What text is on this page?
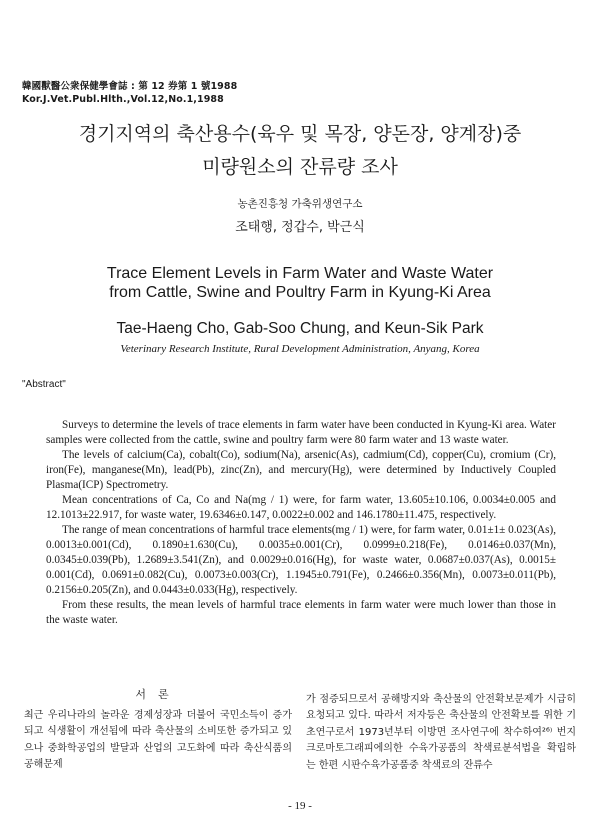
韓國獸醫公衆保健學會誌 : 第 12 券第 1 號1988
Kor.J.Vet.Publ.Hlth.,Vol.12,No.1,1988
경기지역의 축산용수(육우 및 목장, 양돈장, 양계장)중
미량원소의 잔류량 조사
농촌진흥청 가축위생연구소
조태행, 정갑수, 박근식
Trace Element Levels in Farm Water and Waste Water
from Cattle, Swine and Poultry Farm in Kyung-Ki Area
Tae-Haeng Cho, Gab-Soo Chung, and Keun-Sik Park
Veterinary Research Institute, Rural Development Administration, Anyang, Korea
"Abstract"

Surveys to determine the levels of trace elements in farm water have been conducted in Kyung-Ki area. Water samples were collected from the cattle, swine and poultry farm were 80 farm water and 13 waste water.

The levels of calcium(Ca), cobalt(Co), sodium(Na), arsenic(As), cadmium(Cd), copper(Cu), cromium (Cr), iron(Fe), manganese(Mn), lead(Pb), zinc(Zn), and mercury(Hg), were determined by Inductively Coupled Plasma(ICP) Spectrometry.

Mean concentrations of Ca, Co and Na(mg / 1) were, for farm water, 13.605±10.106, 0.0034±0.005 and 12.1013±22.917, for waste water, 19.6346±0.147, 0.0022±0.002 and 146.1780±11.475, respectively.

The range of mean concentrations of harmful trace elements(mg / 1) were, for farm water, 0.01±1± 0.023(As), 0.0013±0.001(Cd), 0.1890±1.630(Cu), 0.0035±0.001(Cr), 0.0999±0.218(Fe), 0.0146±0.037(Mn), 0.0345±0.039(Pb), 1.2689±3.541(Zn), and 0.0029±0.016(Hg), for waste water, 0.0687±0.037(As), 0.0015± 0.001(Cd), 0.0691±0.082(Cu), 0.0073±0.003(Cr), 1.1945±0.791(Fe), 0.2466±0.356(Mn), 0.0073±0.011(Pb), 0.2156±0.205(Zn), and 0.0443±0.033(Hg), respectively.

From these results, the mean levels of harmful trace elements in farm water were much lower than those in the waste water.

서론

최근 우리나라의 놀라운 경제성장과 더불어 국민소득이 증가되고 식생활이 개선됨에 따라 축산물의 소비또한 증가되고 있으나 중화학공업의 발달과 산업의 고도화에 따라 축산식품의 공해문제

가 점증되므로서 공해방지와 축산물의 안전확보문제가 시급히 요청되고 있다. 따라서 저자등은 축산물의 안전확보를 위한 기초연구로서 1973년부터 이방면 조사연구에 착수하여²⁶⁾ 번지 크로마토그래피에의한 수육가공품의 착색료분석법을 확립하는 한편 시판수육가공품중 착색료의 잔류수

- 19 -
